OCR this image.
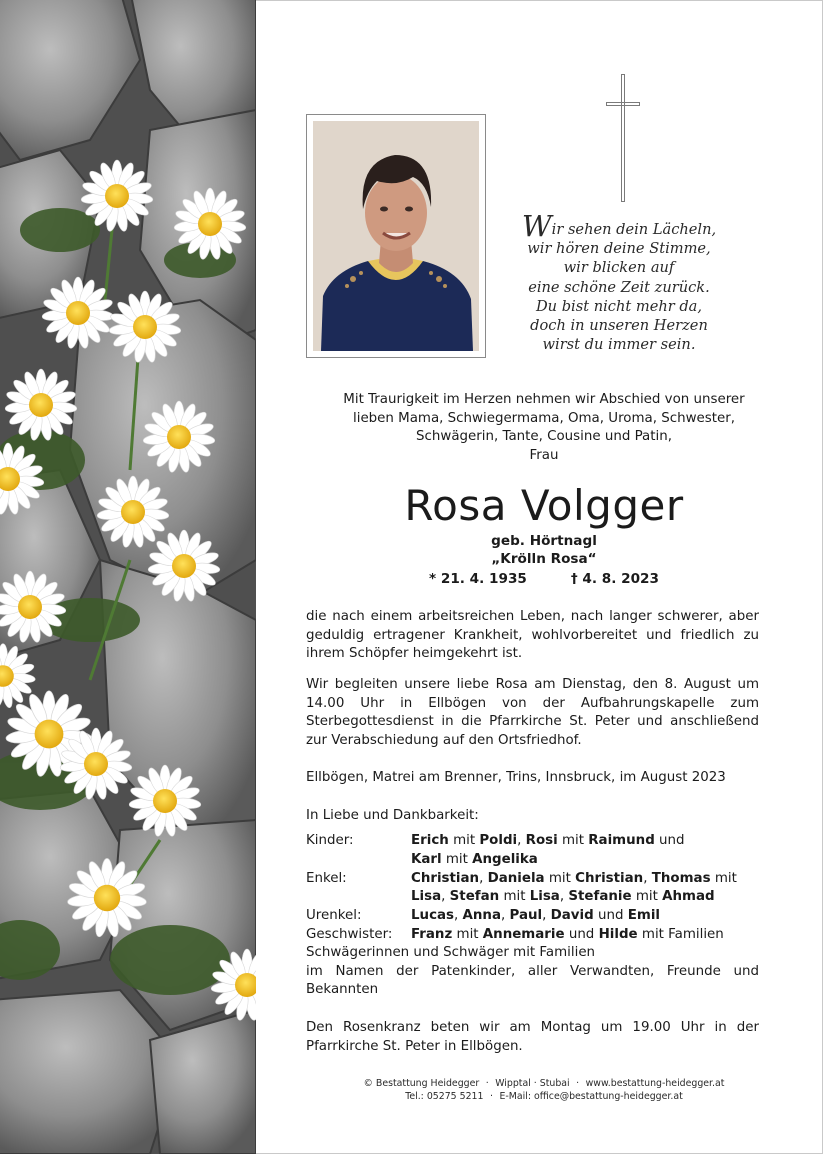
Wir sehen dein Lächeln,
wir hören deine Stimme,
wir blicken auf
eine schöne Zeit zurück.
Du bist nicht mehr da,
doch in unseren Herzen
wirst du immer sein.
Mit Traurigkeit im Herzen nehmen wir Abschied von unserer
lieben Mama, Schwiegermama, Oma, Uroma, Schwester,
Schwägerin, Tante, Cousine und Patin,
Frau
Rosa Volgger
geb. Hörtnagl
„Krölln Rosa“
* 21. 4. 1935	† 4. 8. 2023
die nach einem arbeitsreichen Leben, nach langer schwerer, aber geduldig ertragener Krankheit, wohlvorbereitet und friedlich zu ihrem Schöpfer heimgekehrt ist.
Wir begleiten unsere liebe Rosa am Dienstag, den 8. August um 14.00 Uhr in Ellbögen von der Aufbahrungskapelle zum Sterbegottesdienst in die Pfarrkirche St. Peter und anschließend zur Verabschiedung auf den Ortsfriedhof.
Ellbögen, Matrei am Brenner, Trins, Innsbruck, im August 2023
In Liebe und Dankbarkeit:
Kinder:	Erich mit Poldi, Rosi mit Raimund und
Karl mit Angelika
Enkel:	Christian, Daniela mit Christian, Thomas mit
Lisa, Stefan mit Lisa, Stefanie mit Ahmad
Urenkel:	Lucas, Anna, Paul, David und Emil
Geschwister: Franz mit Annemarie und Hilde mit Familien
Schwägerinnen und Schwäger mit Familien
im Namen der Patenkinder, aller Verwandten, Freunde und
Bekannten
Den Rosenkranz beten wir am Montag um 19.00 Uhr in der Pfarrkirche St. Peter in Ellbögen.
© Bestattung Heidegger · Wipptal · Stubai · www.bestattung-heidegger.at
Tel.: 05275 5211 · E-Mail: office@bestattung-heidegger.at
